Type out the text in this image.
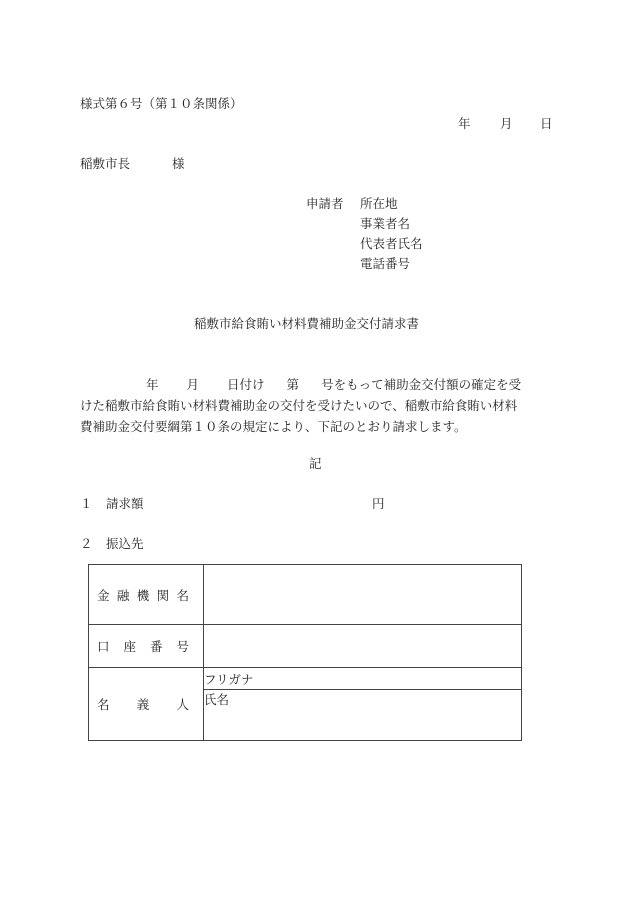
様式第６号（第１０条関係）
年 月 日
稲敷市長	様
申請者 所在地
事業者名
代表者氏名
電話番号
稲敷市給食賄い材料費補助金交付請求書
年 月 日付け 第 号をもって補助金交付額の確定を受
けた稲敷市給食賄い材料費補助金の交付を受けたいので、稲敷市給食賄い材料
費補助金交付要綱第１０条の規定により、下記のとおり請求します。
記
１ 請求額	円
２ 振込先
金 融 機 関 名	

口 座 番 号	

名 義 人	フリガナ
	氏名
